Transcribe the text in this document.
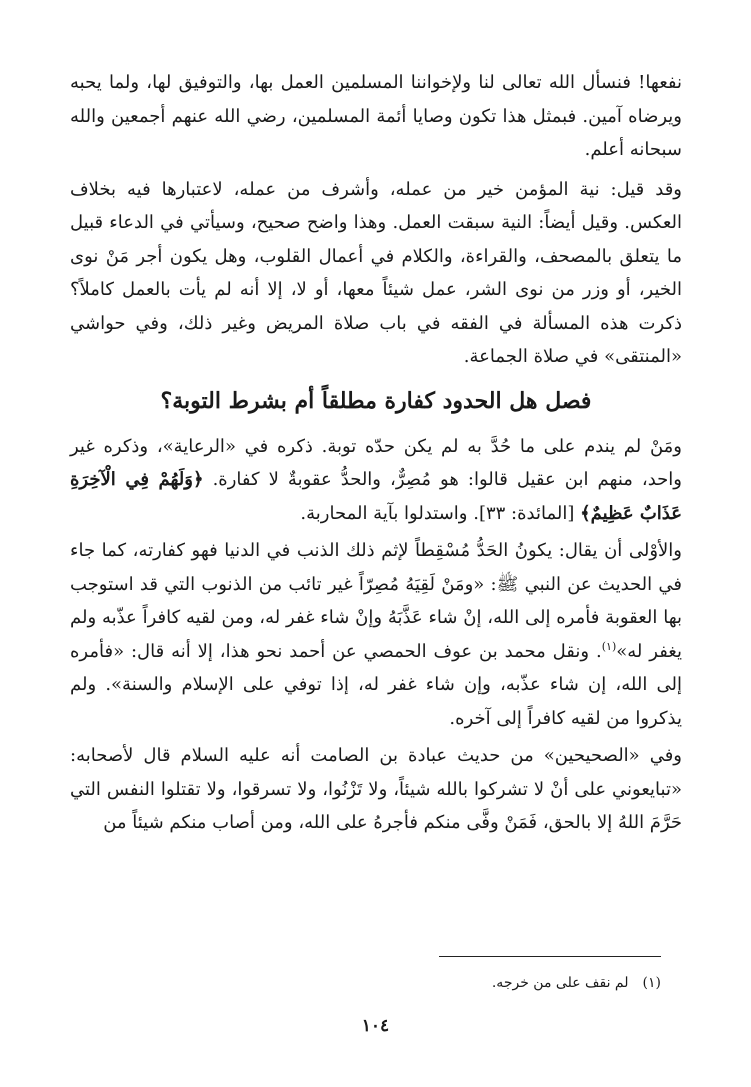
نفعها! فنسأل الله تعالى لنا ولإخواننا المسلمين العمل بها، والتوفيق لها، ولما يحبه ويرضاه آمين. فبمثل هذا تكون وصايا أئمة المسلمين، رضي الله عنهم أجمعين والله سبحانه أعلم.

وقد قيل: نية المؤمن خير من عمله، وأشرف من عمله، لاعتبارها فيه بخلاف العكس. وقيل أيضاً: النية سبقت العمل. وهذا واضح صحيح، وسيأتي في الدعاء قبيل ما يتعلق بالمصحف، والقراءة، والكلام في أعمال القلوب، وهل يكون أجر مَنْ نوى الخير، أو وزر من نوى الشر، عمل شيئاً معها، أو لا، إلا أنه لم يأت بالعمل كاملاً؟ ذكرت هذه المسألة في الفقه في باب صلاة المريض وغير ذلك، وفي حواشي «المنتقى» في صلاة الجماعة.

فصل هل الحدود كفارة مطلقاً أم بشرط التوبة؟

ومَنْ لم يندم على ما حُدَّ به لم يكن حدّه توبة. ذكره في «الرعاية»، وذكره غير واحد، منهم ابن عقيل قالوا: هو مُصِرٌّ، والحدُّ عقوبةٌ لا كفارة. ﴿وَلَهُمْ فِي الْآخِرَةِ عَذَابٌ عَظِيمٌ﴾ [المائدة: ٣٣]. واستدلوا بآية المحاربة.

والأوْلى أن يقال: يكونُ الحَدُّ مُسْقِطاً لإثم ذلك الذنب في الدنيا فهو كفارته، كما جاء في الحديث عن النبي ﷺ: «ومَنْ لَقِيَهُ مُصِرّاً غير تائب من الذنوب التي قد استوجب بها العقوبة فأمره إلى الله، إنْ شاء عَذَّبَهُ وإنْ شاء غفر له، ومن لقيه كافراً عذّبه ولم يغفر له»$^{(١)}$. ونقل محمد بن عوف الحمصي عن أحمد نحو هذا، إلا أنه قال: «فأمره إلى الله، إن شاء عذّبه، وإن شاء غفر له، إذا توفي على الإسلام والسنة». ولم يذكروا من لقيه كافراً إلى آخره.

وفي «الصحيحين» من حديث عبادة بن الصامت أنه عليه السلام قال لأصحابه: «تبايعوني على أنْ لا تشركوا بالله شيئاً، ولا تَزْنُوا، ولا تسرقوا، ولا تقتلوا النفس التي حَرَّمَ اللهُ إلا بالحق، فَمَنْ وفَّى منكم فأجرهُ على الله، ومن أصاب منكم شيئاً من

(١)لم نقف على من خرجه.
١٠٤
